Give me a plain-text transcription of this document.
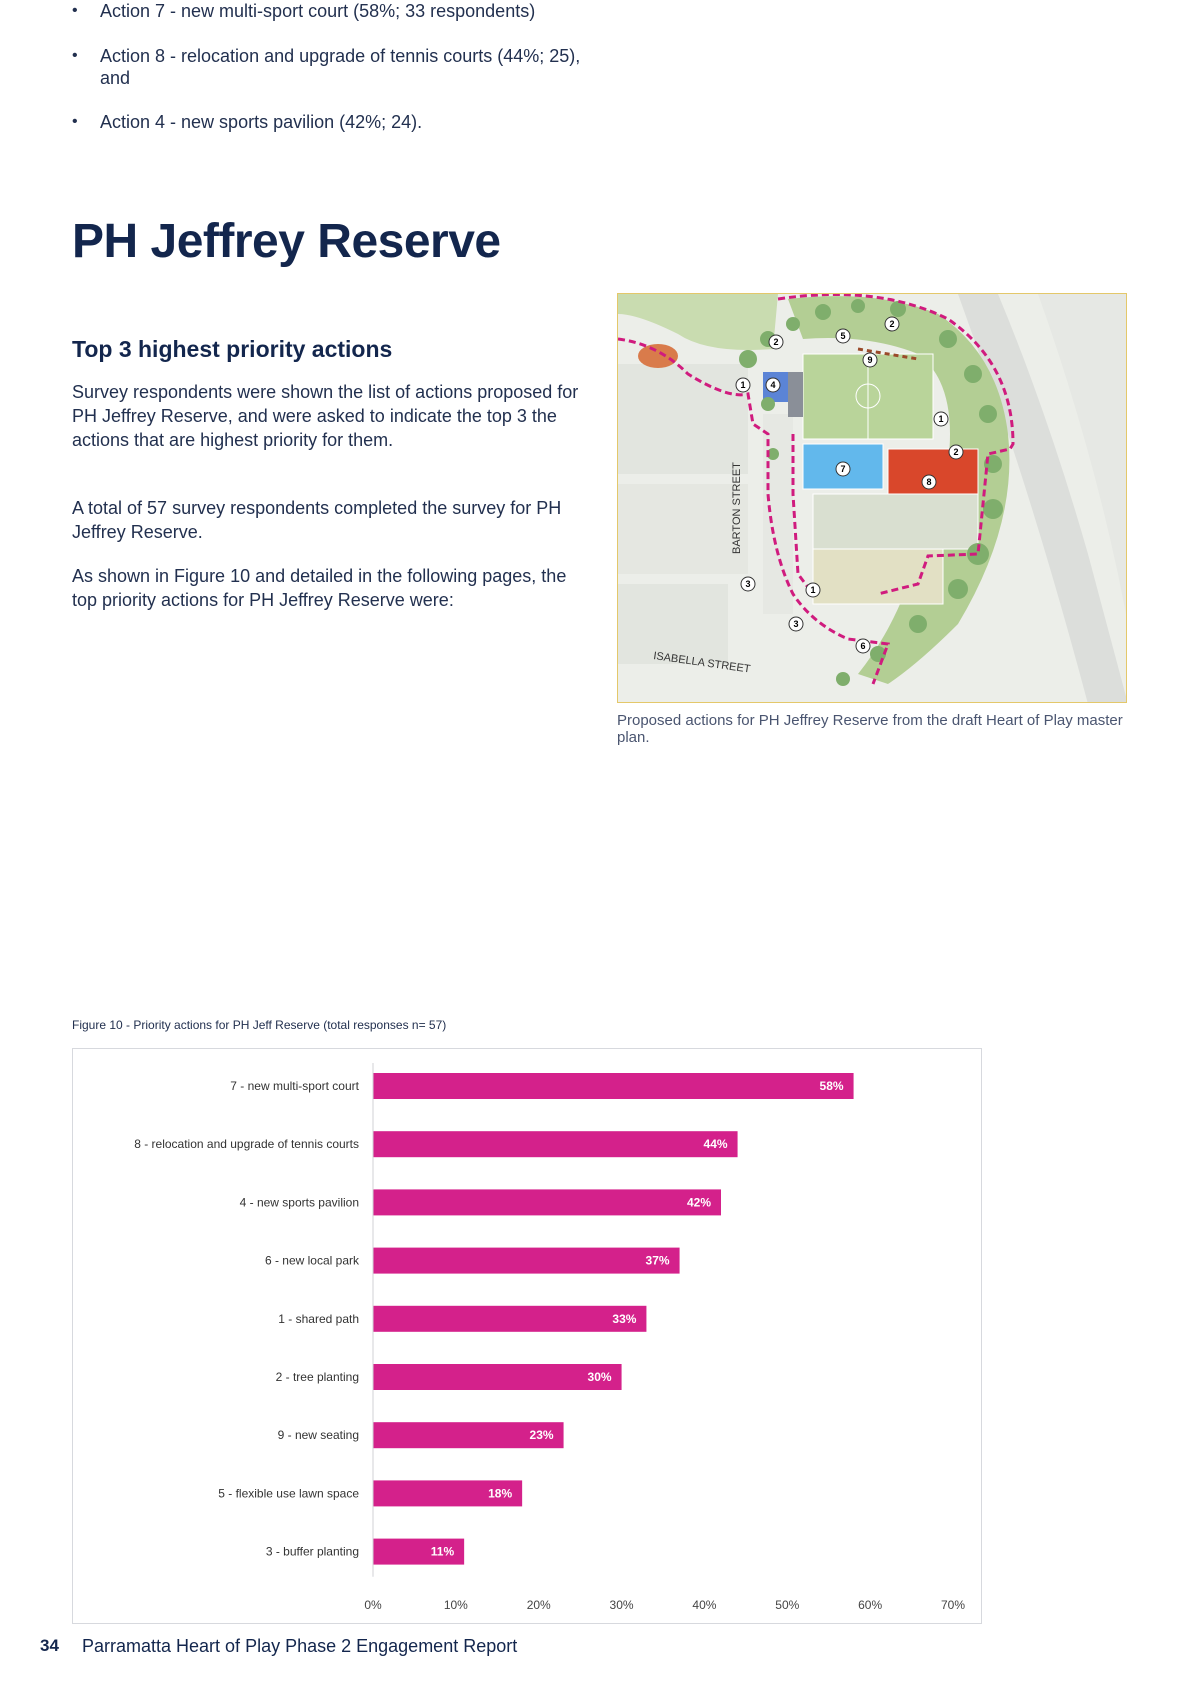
PH Jeffrey Reserve
Top 3 highest priority actions

Survey respondents were shown the list of actions proposed for PH Jeffrey Reserve, and were asked to indicate the top 3 the actions that are highest priority for them.

A total of 57 survey respondents completed the survey for PH Jeffrey Reserve.

As shown in Figure 10 and detailed in the following pages, the top priority actions for PH Jeffrey Reserve were:

• Action 7 - new multi-sport court (58%; 33 respondents)
• Action 8 - relocation and upgrade of tennis courts (44%; 25), and
• Action 4 - new sports pavilion (42%; 24).
BARTON STREET
ISABELLA STREET
2
5
2
9
1	4
1
2
7
8
3
1
3
6

Proposed actions for PH Jeffrey Reserve from the draft Heart of Play master plan.

Figure 10 - Priority actions for PH Jeff Reserve (total responses n= 57)

7 - new multi-sport court	58%
8 - relocation and upgrade of tennis courts	44%
4 - new sports pavilion	42%
6 - new local park	37%
1 - shared path	33%
2 - tree planting	30%
9 - new seating	23%
5 - flexible use lawn space	18%
3 - buffer planting	11%
0%	10%	20%	30%	40%	50%	60%	70%
34 Parramatta Heart of Play Phase 2 Engagement Report
